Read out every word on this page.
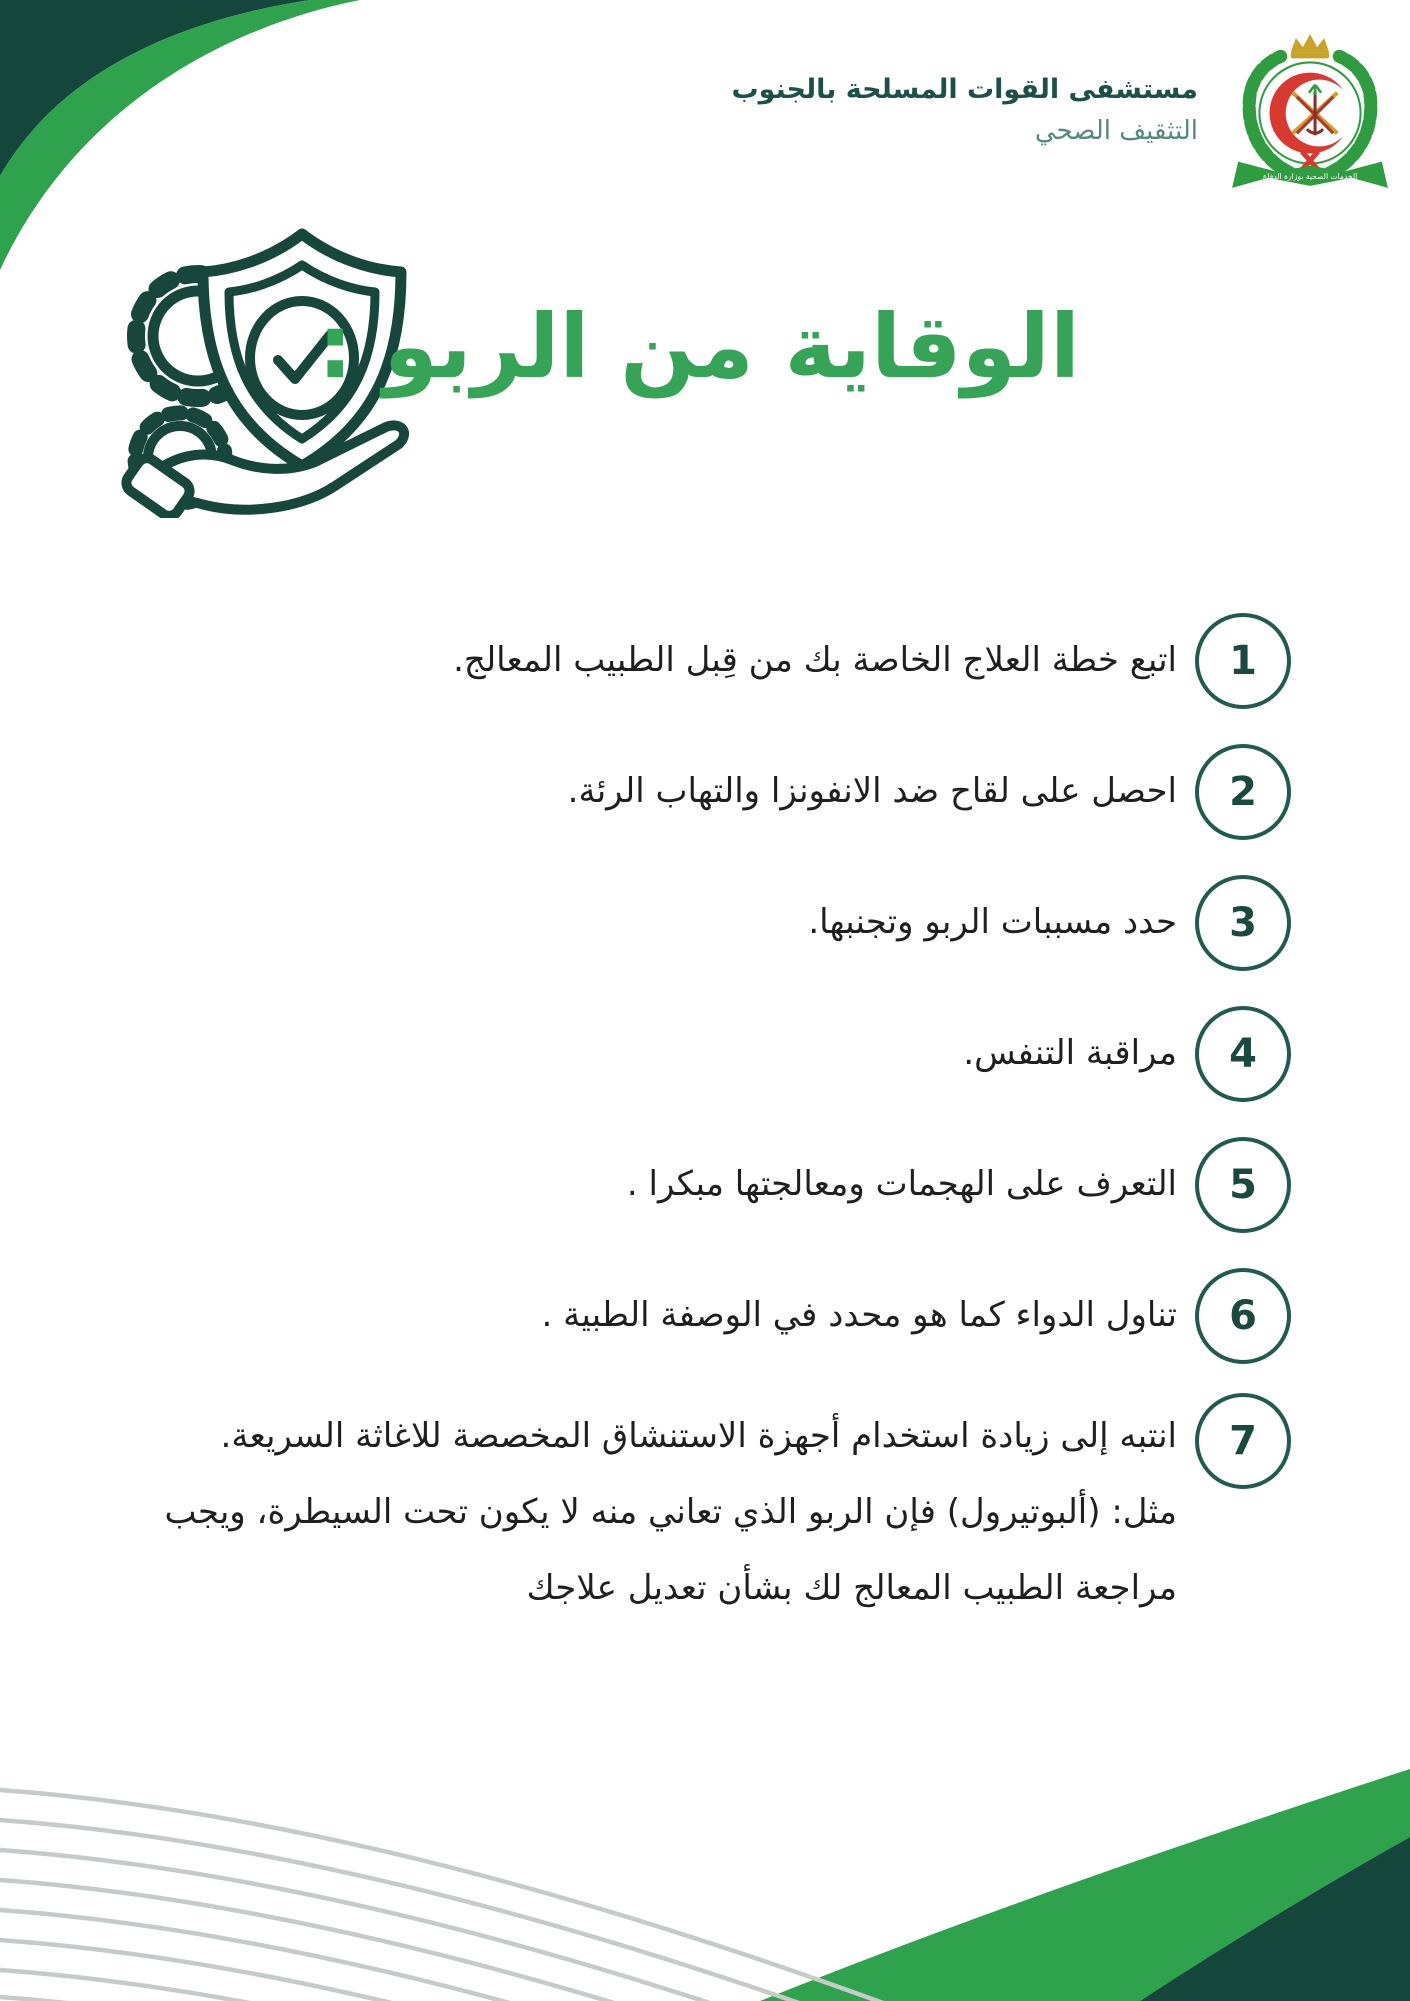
مستشفى القوات المسلحة بالجنوب
التثقيف الصحي
الخدمات الصحية بوزارة الدفاع
الوقاية من الربو :
1
اتبع خطة العلاج الخاصة بك من قِبل الطبيب المعالج.
2
احصل على لقاح ضد الانفونزا والتهاب الرئة.
3
حدد مسببات الربو وتجنبها.
4
مراقبة التنفس.
5
التعرف على الهجمات ومعالجتها مبكرا .
6
تناول الدواء كما هو محدد في الوصفة الطبية .
7
انتبه إلى زيادة استخدام أجهزة الاستنشاق المخصصة للاغاثة السريعة.
مثل: (ألبوتيرول) فإن الربو الذي تعاني منه لا يكون تحت السيطرة، ويجب
مراجعة الطبيب المعالج لك بشأن تعديل علاجك
